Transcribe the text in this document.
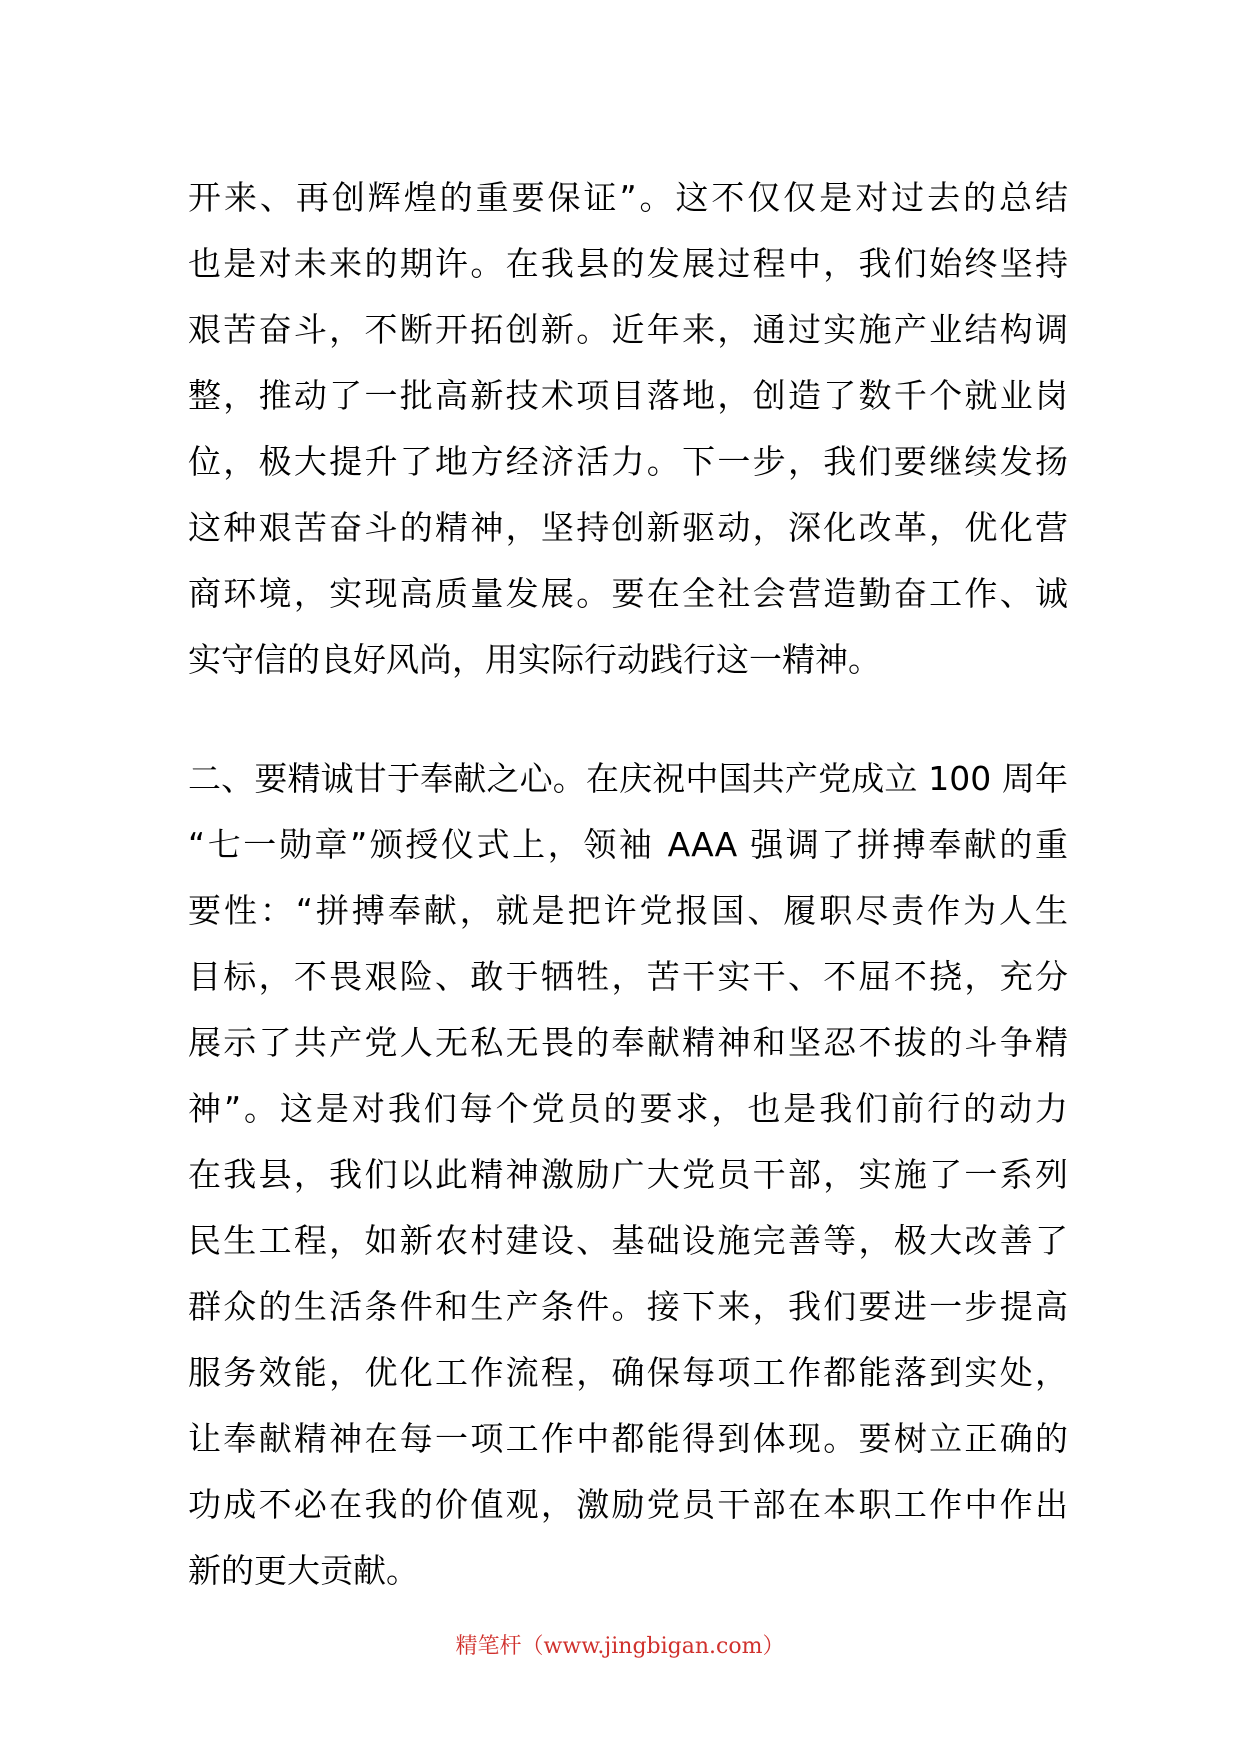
开来、再创辉煌的重要保证”。这不仅仅是对过去的总结
也是对未来的期许。在我县的发展过程中，我们始终坚持
艰苦奋斗，不断开拓创新。近年来，通过实施产业结构调
整，推动了一批高新技术项目落地，创造了数千个就业岗
位，极大提升了地方经济活力。下一步，我们要继续发扬
这种艰苦奋斗的精神，坚持创新驱动，深化改革，优化营
商环境，实现高质量发展。要在全社会营造勤奋工作、诚
实守信的良好风尚，用实际行动践行这一精神。
二、要精诚甘于奉献之心。在庆祝中国共产党成立 100 周年
“七一勋章”颁授仪式上，领袖 AAA 强调了拼搏奉献的重
要性：“拼搏奉献，就是把许党报国、履职尽责作为人生
目标，不畏艰险、敢于牺牲，苦干实干、不屈不挠，充分
展示了共产党人无私无畏的奉献精神和坚忍不拔的斗争精
神”。这是对我们每个党员的要求，也是我们前行的动力
在我县，我们以此精神激励广大党员干部，实施了一系列
民生工程，如新农村建设、基础设施完善等，极大改善了
群众的生活条件和生产条件。接下来，我们要进一步提高
服务效能，优化工作流程，确保每项工作都能落到实处，
让奉献精神在每一项工作中都能得到体现。要树立正确的
功成不必在我的价值观，激励党员干部在本职工作中作出
新的更大贡献。
精笔杆（www.jingbigan.com）
